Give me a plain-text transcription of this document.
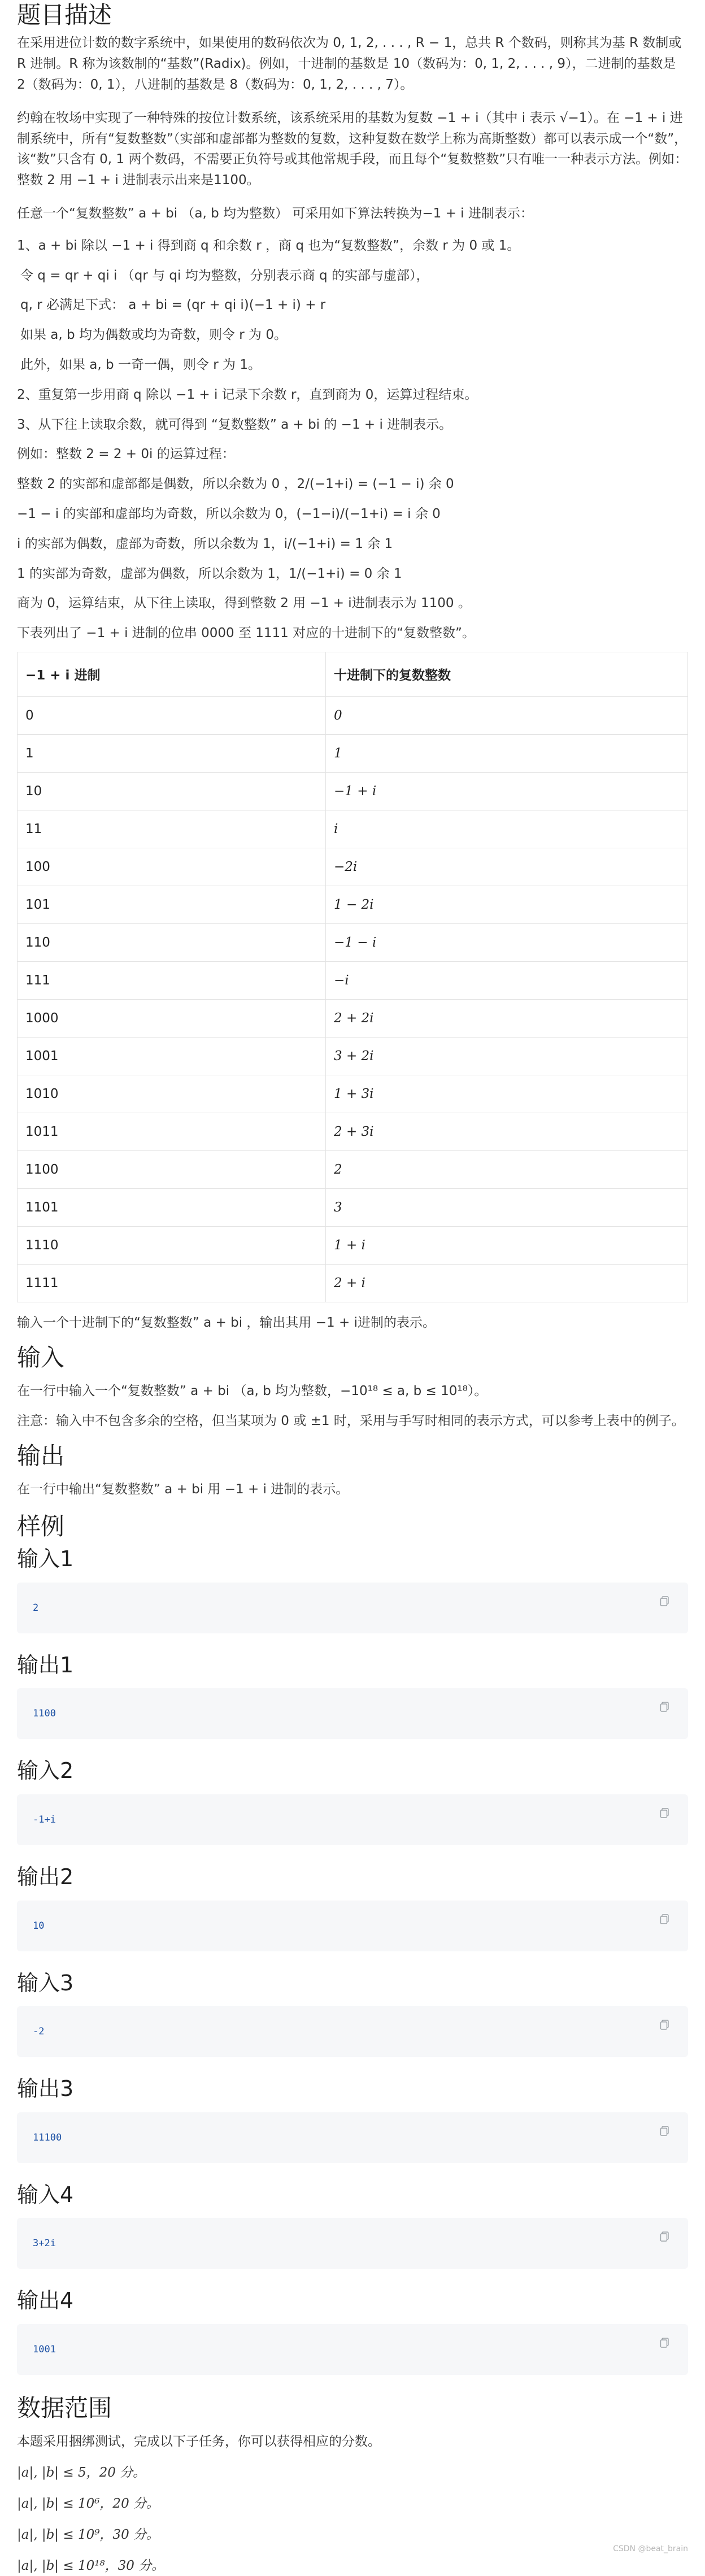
题目描述

在采用进位计数的数字系统中，如果使用的数码依次为 0, 1, 2, . . . , R − 1，总共 R 个数码，则称其为基 R 数制或 R 进制。R 称为该数制的“基数”(Radix)。例如，十进制的基数是 10（数码为：0, 1, 2, . . . , 9），二进制的基数是 2（数码为：0, 1），八进制的基数是 8（数码为：0, 1, 2, . . . , 7）。

约翰在牧场中实现了一种特殊的按位计数系统，该系统采用的基数为复数 −1 + i（其中 i 表示 √−1）。在 −1 + i 进制系统中，所有“复数整数”（实部和虚部都为整数的复数，这种复数在数学上称为高斯整数）都可以表示成一个“数”，该“数”只含有 0, 1 两个数码，不需要正负符号或其他常规手段，而且每个“复数整数”只有唯一一种表示方法。例如：整数 2 用 −1 + i 进制表示出来是1100。

任意一个“复数整数” a + bi （a, b 均为整数） 可采用如下算法转换为−1 + i 进制表示：

1、a + bi 除以 −1 + i 得到商 q 和余数 r ，商 q 也为“复数整数”，余数 r 为 0 或 1。

令 q = qr + qi i （qr 与 qi 均为整数，分别表示商 q 的实部与虚部），

q, r 必满足下式： a + bi = (qr + qi i)(−1 + i) + r

如果 a, b 均为偶数或均为奇数，则令 r 为 0。

此外，如果 a, b 一奇一偶，则令 r 为 1。

2、重复第一步用商 q 除以 −1 + i 记录下余数 r，直到商为 0，运算过程结束。

3、从下往上读取余数，就可得到 “复数整数” a + bi 的 −1 + i 进制表示。

例如：整数 2 = 2 + 0i 的运算过程：

整数 2 的实部和虚部都是偶数，所以余数为 0 ，2/(−1+i) = (−1 − i) 余 0

−1 − i 的实部和虚部均为奇数，所以余数为 0，(−1−i)/(−1+i) = i 余 0

i 的实部为偶数，虚部为奇数，所以余数为 1，i/(−1+i) = 1 余 1

1 的实部为奇数，虚部为偶数，所以余数为 1，1/(−1+i) = 0 余 1

商为 0，运算结束，从下往上读取，得到整数 2 用 −1 + i进制表示为 1100 。

下表列出了 −1 + i 进制的位串 0000 至 1111 对应的十进制下的“复数整数”。

−1 + i 进制	十进制下的复数整数
0	0
1	1
10	−1 + i
11	i
100	−2i
101	1 − 2i
110	−1 − i
111	−i
1000	2 + 2i
1001	3 + 2i
1010	1 + 3i
1011	2 + 3i
1100	2
1101	3
1110	1 + i
1111	2 + i

输入一个十进制下的“复数整数” a + bi ，输出其用 −1 + i进制的表示。

输入

在一行中输入一个“复数整数” a + bi （a, b 均为整数，−10¹⁸ ≤ a, b ≤ 10¹⁸）。

注意：输入中不包含多余的空格，但当某项为 0 或 ±1 时，采用与手写时相同的表示方式，可以参考上表中的例子。

输出

在一行中输出“复数整数” a + bi 用 −1 + i 进制的表示。

样例
输入1
2
输出1
1100
输入2
-1+i
输出2
10
输入3
-2
输出3
11100
输入4
3+2i
输出4
1001
数据范围

本题采用捆绑测试，完成以下子任务，你可以获得相应的分数。

|a|, |b| ≤ 5，20 分。

|a|, |b| ≤ 10⁶，20 分。

|a|, |b| ≤ 10⁹，30 分。

|a|, |b| ≤ 10¹⁸，30 分。

CSDN @beat_brain
